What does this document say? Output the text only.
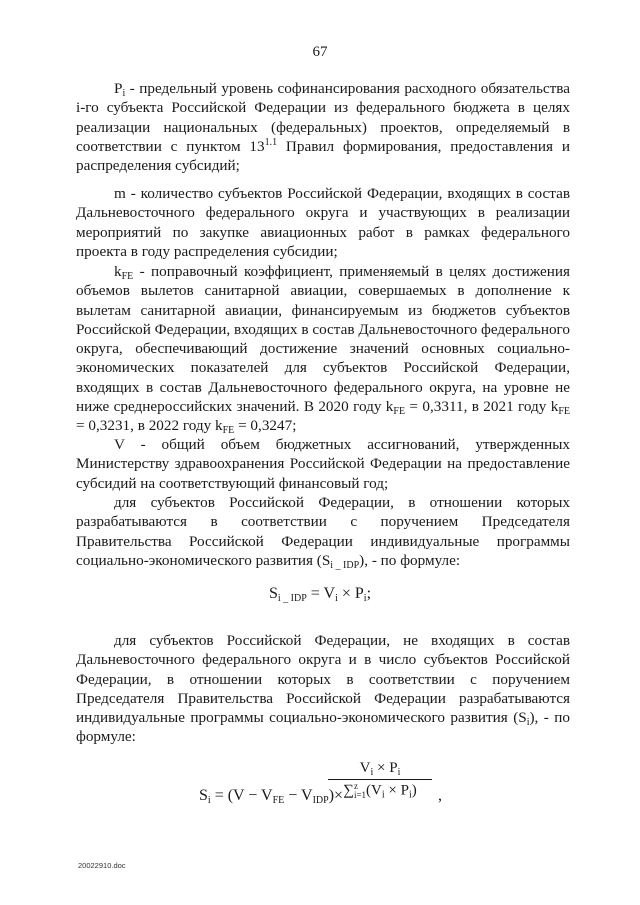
67

$P_i$ - предельный уровень софинансирования расходного обязательства i-го субъекта Российской Федерации из федерального бюджета в целях реализации национальных (федеральных) проектов, определяемый в соответствии с пунктом $13^{1.1}$ Правил формирования, предоставления и распределения субсидий;

m - количество субъектов Российской Федерации, входящих в состав Дальневосточного федерального округа и участвующих в реализации мероприятий по закупке авиационных работ в рамках федерального проекта в году распределения субсидии;

$k_{FE}$ - поправочный коэффициент, применяемый в целях достижения объемов вылетов санитарной авиации, совершаемых в дополнение к вылетам санитарной авиации, финансируемым из бюджетов субъектов Российской Федерации, входящих в состав Дальневосточного федерального округа, обеспечивающий достижение значений основных социально-экономических показателей для субъектов Российской Федерации, входящих в состав Дальневосточного федерального округа, на уровне не ниже среднероссийских значений. В 2020 году $k_{FE} = 0,3311$, в 2021 году $k_{FE} = 0,3231$, в 2022 году $k_{FE} = 0,3247$;

V - общий объем бюджетных ассигнований, утвержденных Министерству здравоохранения Российской Федерации на предоставление субсидий на соответствующий финансовый год;

для субъектов Российской Федерации, в отношении которых разрабатываются в соответствии с поручением Председателя Правительства Российской Федерации индивидуальные программы социально-экономического развития $(S_{i \_ IDP})$, - по формуле:

$S_{i \_ IDP} = V_i \times P_i$;

для субъектов Российской Федерации, не входящих в состав Дальневосточного федерального округа и в число субъектов Российской Федерации, в отношении которых в соответствии с поручением Председателя Правительства Российской Федерации разрабатываются индивидуальные программы социально-экономического развития $(S_i)$, - по формуле:

$S_i = (V - V_{FE} - V_{IDP})\times$
$V_i \times P_i$
∑ z
i=1 $(V_i \times P_i)$	,
20022910.doc
